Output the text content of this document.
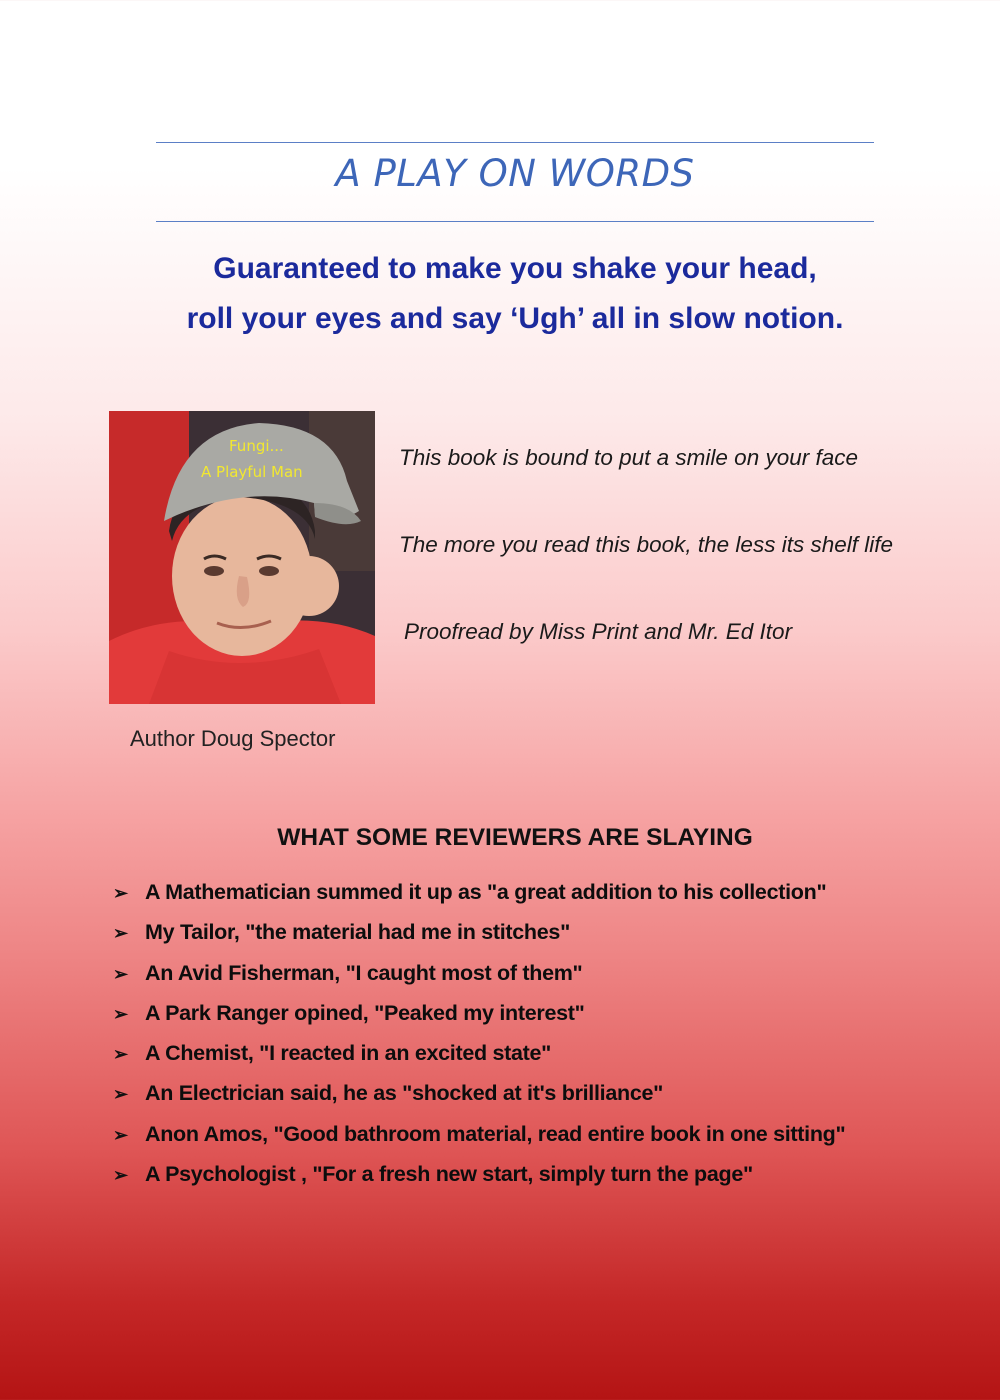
A PLAY ON WORDS
Guaranteed to make you shake your head,
roll your eyes and say ‘Ugh’ all in slow notion.
Fungi...
A Playful Man
Author Doug Spector
This book is bound to put a smile on your face
The more you read this book, the less its shelf life
Proofread by Miss Print and Mr. Ed Itor
WHAT SOME REVIEWERS ARE SLAYING
➢ A Mathematician summed it up as "a great addition to his collection"
➢ My Tailor, "the material had me in stitches"
➢ An Avid Fisherman, "I caught most of them"
➢ A Park Ranger opined, "Peaked my interest"
➢ A Chemist, "I reacted in an excited state"
➢ An Electrician said, he as "shocked at it's brilliance"
➢ Anon Amos, "Good bathroom material, read entire book in one sitting"
➢ A Psychologist , "For a fresh new start, simply turn the page"
